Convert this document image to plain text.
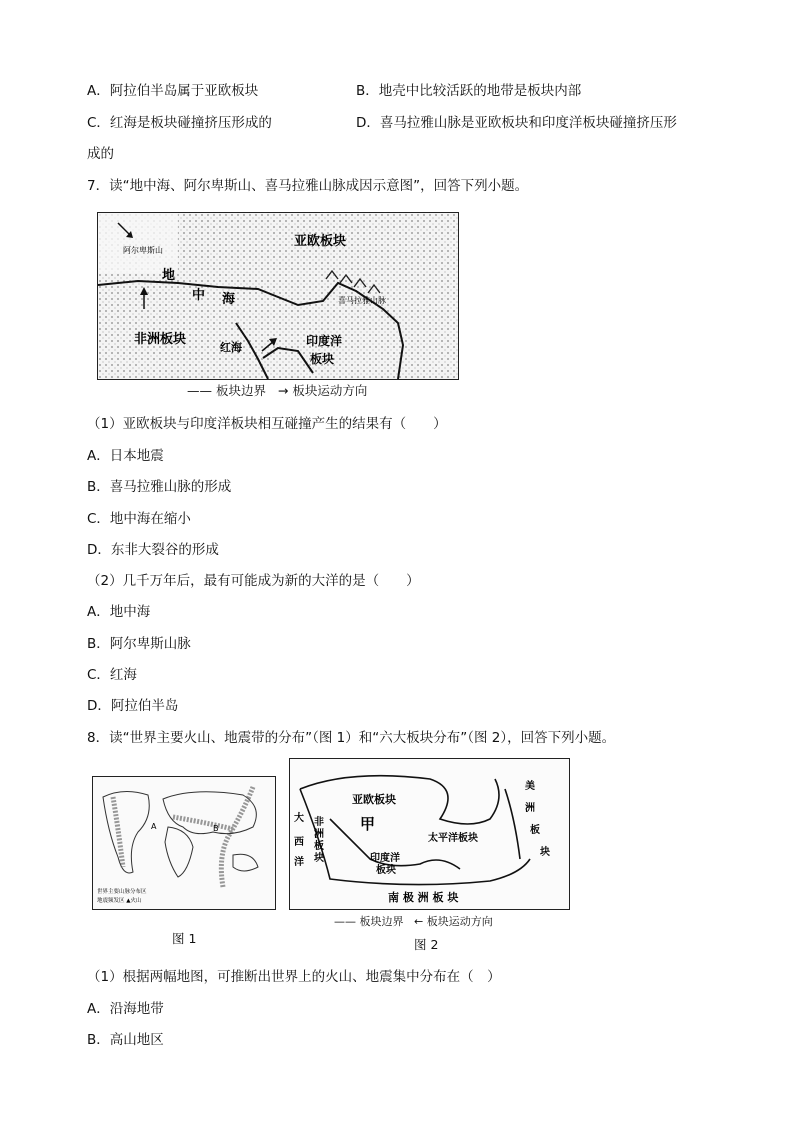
A．阿拉伯半岛属于亚欧板块	B．地壳中比较活跃的地带是板块内部
C．红海是板块碰撞挤压形成的	D．喜马拉雅山脉是亚欧板块和印度洋板块碰撞挤压形
成的
7．读“地中海、阿尔卑斯山、喜马拉雅山脉成因示意图”，回答下列小题。
亚欧板块
阿尔卑斯山
地
中 海
非洲板块
红海
喜马拉雅山脉
印度洋
板块
—— 板块边界   → 板块运动方向
（1）亚欧板块与印度洋板块相互碰撞产生的结果有（　　）
A．日本地震
B．喜马拉雅山脉的形成
C．地中海在缩小
D．东非大裂谷的形成
（2）几千万年后，最有可能成为新的大洋的是（　　）
A．地中海
B．阿尔卑斯山脉
C．红海
D．阿拉伯半岛
8．读“世界主要火山、地震带的分布”（图 1）和“六大板块分布”（图 2），回答下列小题。
A	B
世界主要山脉分布区
地震频发区 ▲火山
图 1
亚欧板块
甲
非
洲
板
块
大
西
洋	印度洋
板块
太平洋板块
美
洲
板
块
南 极 洲 板 块
—— 板块边界   ← 板块运动方向
图 2
（1）根据两幅地图，可推断出世界上的火山、地震集中分布在（　）
A．沿海地带
B．高山地区
